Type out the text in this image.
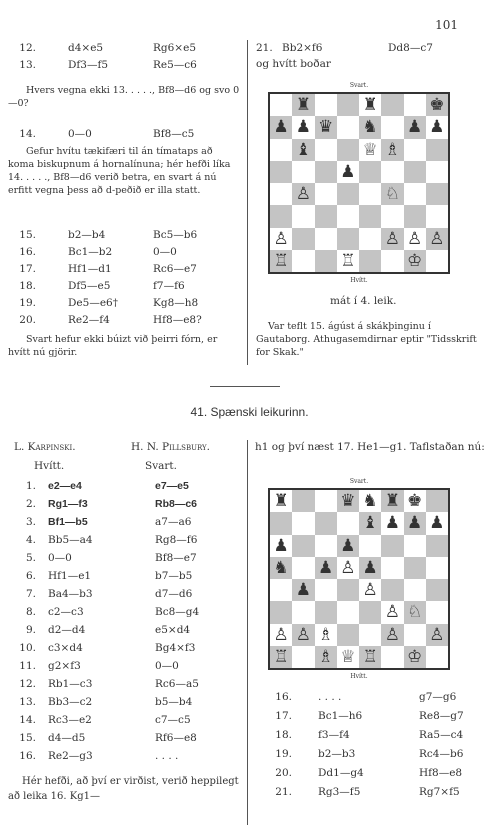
101
12.	d4×e5	Rg6×e5
13.	Df3—f5	Re5—c6
Hvers vegna ekki 13. . . . ., Bf8—d6 og svo 0—0?
14.	0—0	Bf8—c5
Gefur hvítu tækifæri til án tímataps að koma biskupnum á hornalínuna; hér hefði líka 14. . . . ., Bf8—d6 verið betra, en svart á nú erfitt vegna þess að d-peðið er illa statt.
15.	b2—b4	Bc5—b6
16.	Bc1—b2	0—0
17.	Hf1—d1	Rc6—e7
18.	Df5—e5	f7—f6
19.	De5—e6†	Kg8—h8
20.	Re2—f4	Hf8—e8?
Svart hefur ekki búizt við þeirri fórn, er hvítt nú gjörir.
21. Bb2×f6	Dd8—c7
og hvítt boðar
Svart.
♜	♜	♚
♟ ♟ ♛ ♞ ♟ ♟
♝	♕ ♗
♟
♙	♘
♙	♙ ♙ ♙
♖	♖	♔
Hvítt.
mát í 4. leik.
Var teflt 15. ágúst á skákþinginu í Gautaborg. Athugasemdirnar eptir "Tidsskrift for Skak."
41. Spænski leikurinn.
L. Karpinski.	H. N. Pillsbury.
Hvítt.	Svart.
1. e2—e4	e7—e5
2. Rg1—f3	Rb8—c6
3. Bf1—b5	a7—a6
4. Bb5—a4	Rg8—f6
5. 0—0	Bf8—e7
6. Hf1—e1	b7—b5
7. Ba4—b3	d7—d6
8. c2—c3	Bc8—g4
9. d2—d4	e5×d4
10. c3×d4	Bg4×f3
11. g2×f3	0—0
12. Rb1—c3	Rc6—a5
13. Bb3—c2	b5—b4
14. Rc3—e2	c7—c5
15. d4—d5	Rf6—e8
16. Re2—g3	. . . .
Hér hefði, að því er virðist, verið heppilegt að leika 16. Kg1—
h1 og því næst 17. He1—g1. Taflstaðan nú:
Svart.
♜	♛ ♞ ♜ ♚
♝ ♟ ♟ ♟
♟	♟
♞ ♟ ♙ ♟
♟	♙
♙ ♘
♙ ♙ ♗	♙ ♙
♖ ♗ ♕ ♖ ♔
Hvítt.
16. . . . .	g7—g6
17. Bc1—h6	Re8—g7
18. f3—f4	Ra5—c4
19. b2—b3	Rc4—b6
20. Dd1—g4	Hf8—e8
21. Rg3—f5	Rg7×f5
